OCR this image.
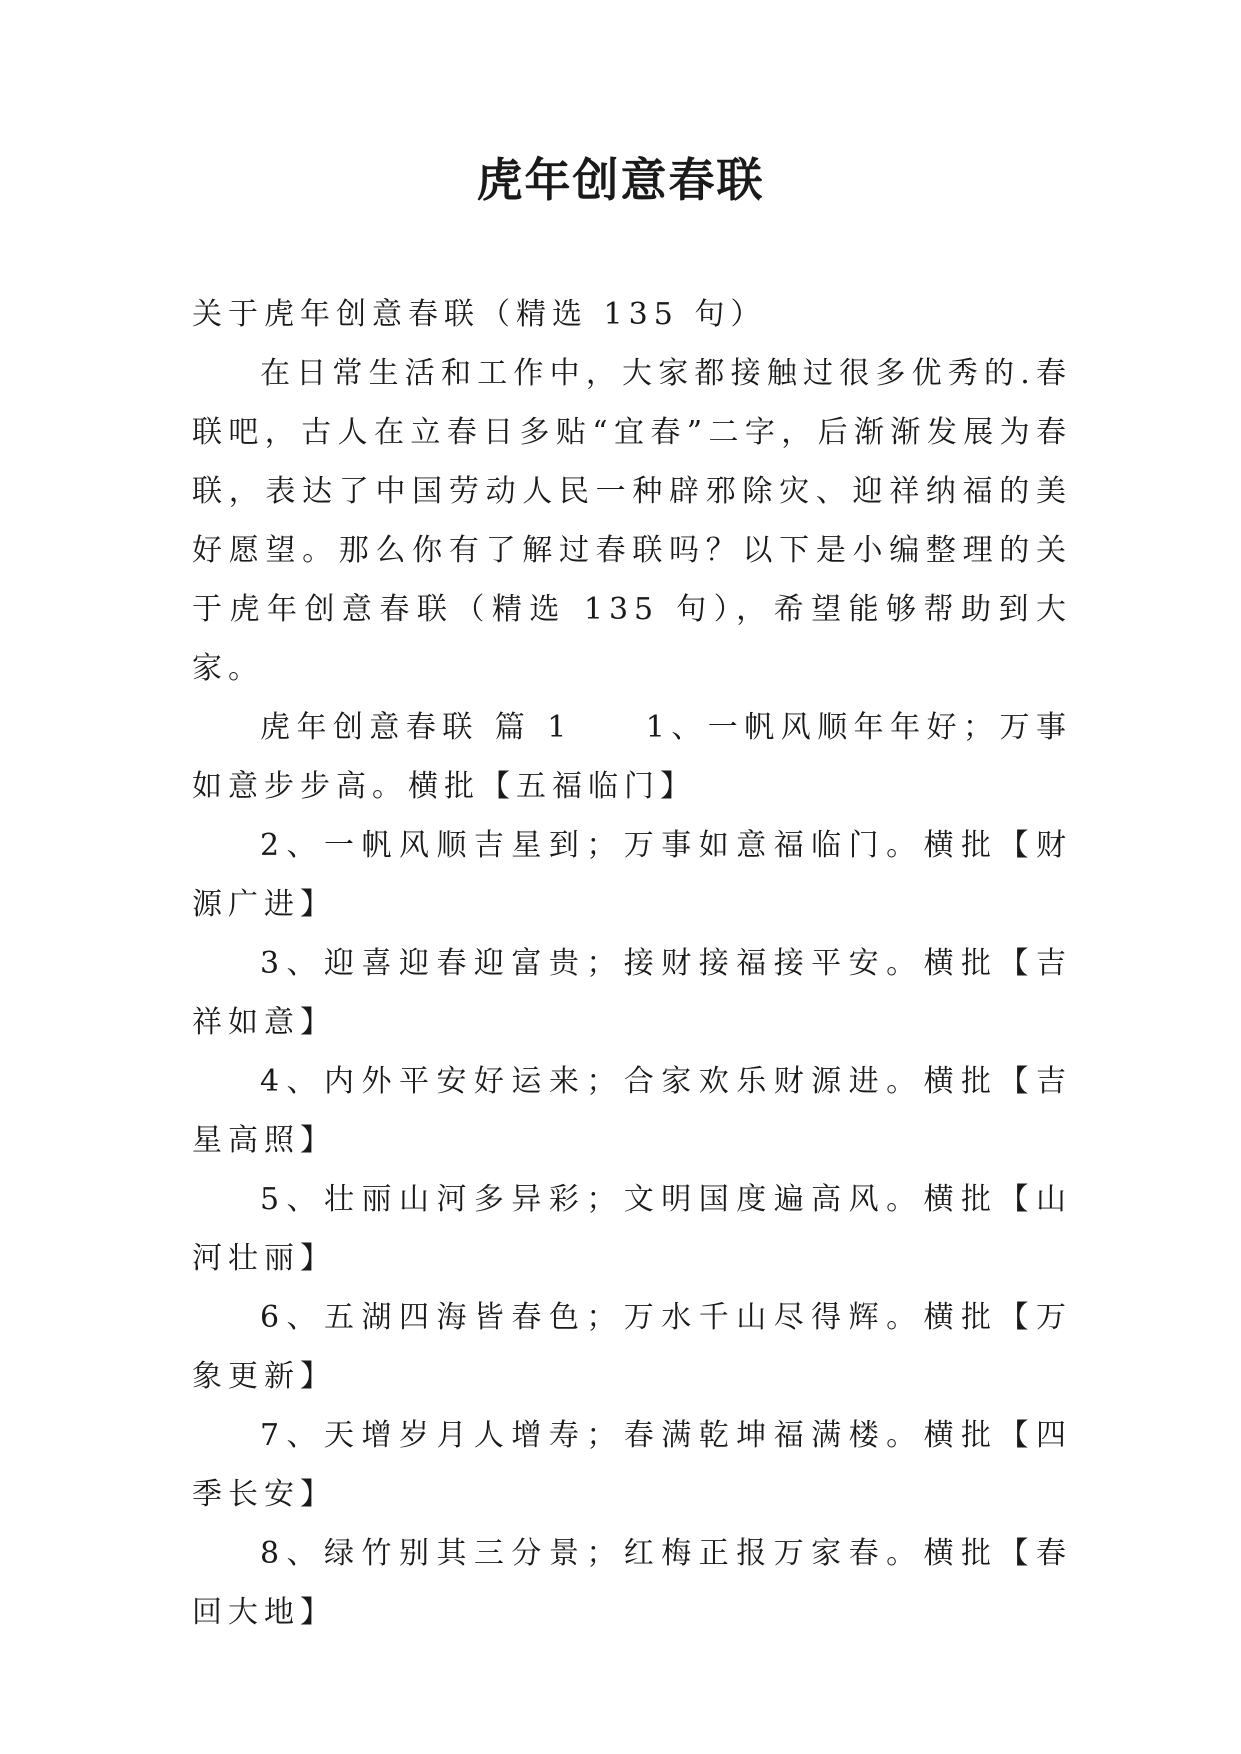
虎年创意春联

关于虎年创意春联（精选 135 句）

在日常生活和工作中，大家都接触过很多优秀的.春联吧，古人在立春日多贴“宜春”二字，后渐渐发展为春联，表达了中国劳动人民一种辟邪除灾、迎祥纳福的美好愿望。那么你有了解过春联吗？以下是小编整理的关于虎年创意春联（精选 135 句），希望能够帮助到大家。

虎年创意春联 篇 1　　1、一帆风顺年年好；万事如意步步高。横批【五福临门】

2、一帆风顺吉星到；万事如意福临门。横批【财源广进】

3、迎喜迎春迎富贵；接财接福接平安。横批【吉祥如意】

4、内外平安好运来；合家欢乐财源进。横批【吉星高照】

5、壮丽山河多异彩；文明国度遍高风。横批【山河壮丽】

6、五湖四海皆春色；万水千山尽得辉。横批【万象更新】

7、天增岁月人增寿；春满乾坤福满楼。横批【四季长安】

8、绿竹别其三分景；红梅正报万家春。横批【春回大地】
